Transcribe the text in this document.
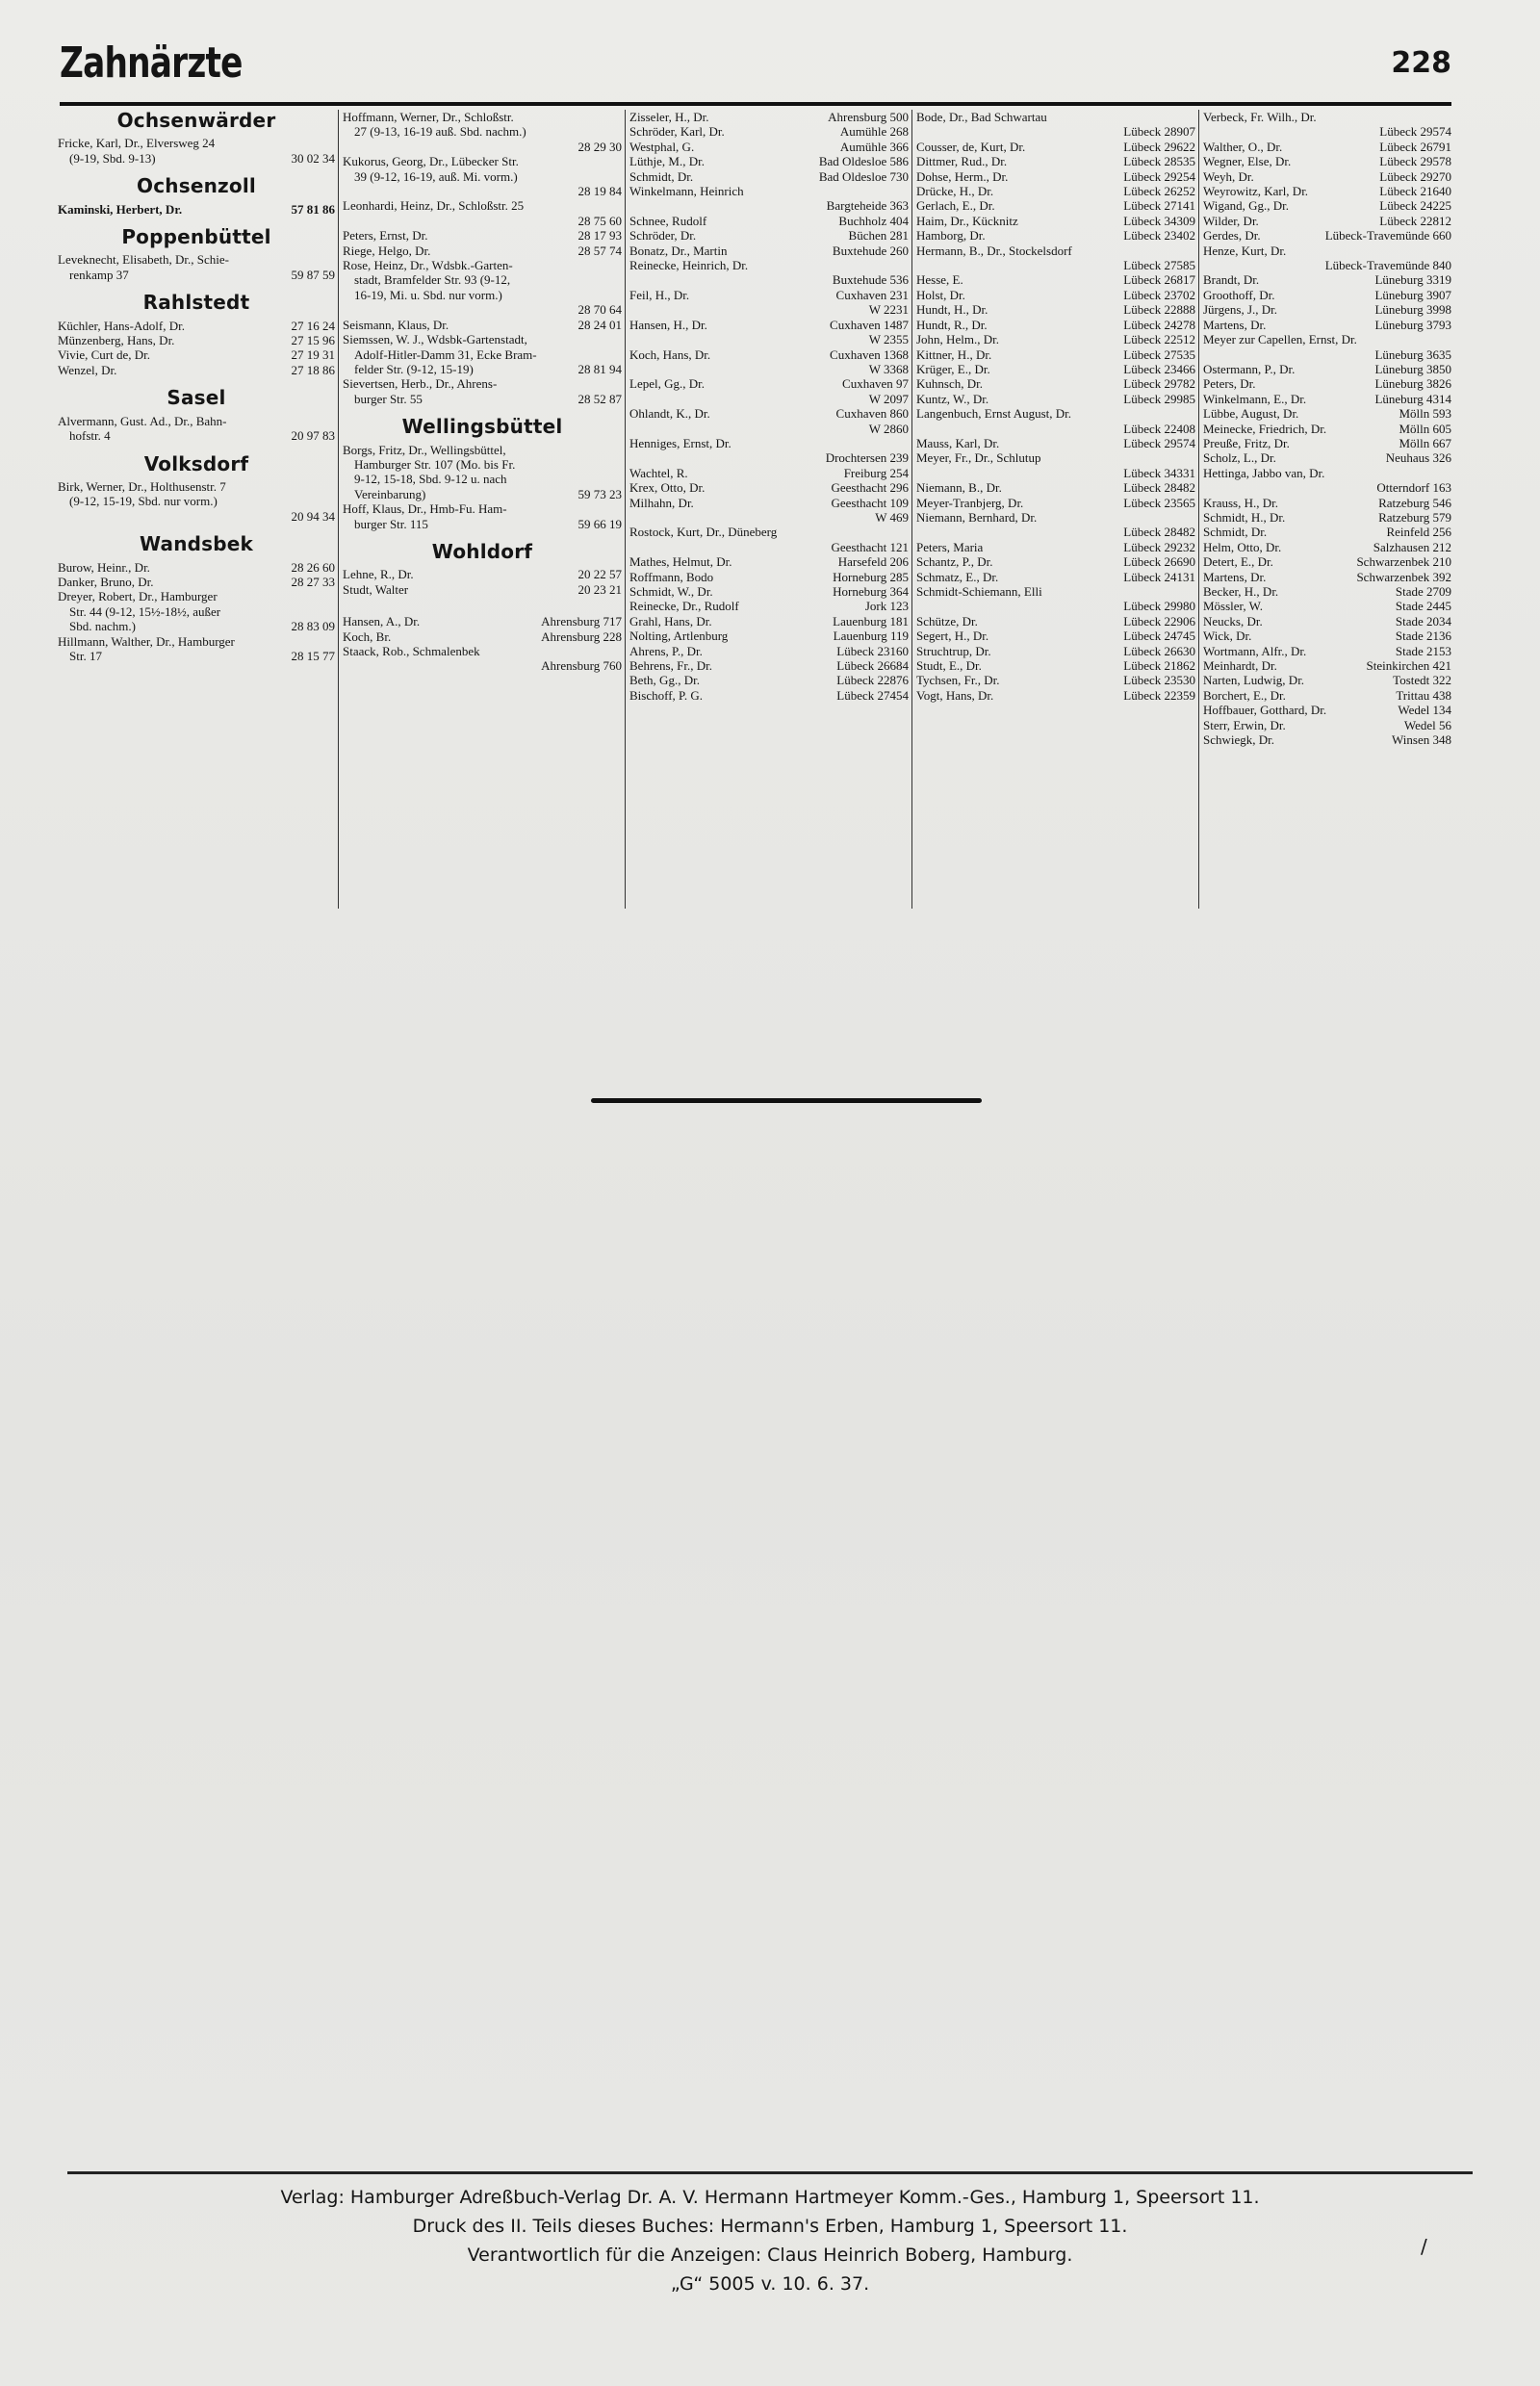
Zahnärzte	228
Ochsenwärder
Fricke, Karl, Dr., Elversweg 24
30 02 34
(9-19, Sbd. 9-13)
Ochsenzoll
57 81 86
Kaminski, Herbert, Dr.
Poppenbüttel
Leveknecht, Elisabeth, Dr., Schie-
59 87 59
renkamp 37
Rahlstedt
27 16 24
Küchler, Hans-Adolf, Dr.
27 15 96
Münzenberg, Hans, Dr.
27 19 31
Vivie, Curt de, Dr.
27 18 86
Wenzel, Dr.
Sasel
Alvermann, Gust. Ad., Dr., Bahn-
20 97 83
hofstr. 4
Volksdorf
Birk, Werner, Dr., Holthusenstr. 7
(9-12, 15-19, Sbd. nur vorm.)
20 94 34
Wandsbek
28 26 60
Burow, Heinr., Dr.
28 27 33
Danker, Bruno, Dr.
Dreyer, Robert, Dr., Hamburger
Str. 44 (9-12, 15½-18½, außer
28 83 09
Sbd. nachm.)
Hillmann, Walther, Dr., Hamburger
28 15 77
Str. 17
Hoffmann, Werner, Dr., Schloßstr.
27 (9-13, 16-19 auß. Sbd. nachm.)
28 29 30
Kukorus, Georg, Dr., Lübecker Str.
39 (9-12, 16-19, auß. Mi. vorm.)
28 19 84
Leonhardi, Heinz, Dr., Schloßstr. 25
28 75 60
28 17 93
Peters, Ernst, Dr.
28 57 74
Riege, Helgo, Dr.
Rose, Heinz, Dr., Wdsbk.-Garten-
stadt, Bramfelder Str. 93 (9-12,
16-19, Mi. u. Sbd. nur vorm.)
28 70 64
28 24 01
Seismann, Klaus, Dr.
Siemssen, W. J., Wdsbk-Gartenstadt,
Adolf-Hitler-Damm 31, Ecke Bram-
28 81 94
felder Str. (9-12, 15-19)
Sievertsen, Herb., Dr., Ahrens-
28 52 87
burger Str. 55
Wellingsbüttel
Borgs, Fritz, Dr., Wellingsbüttel,
Hamburger Str. 107 (Mo. bis Fr.
9-12, 15-18, Sbd. 9-12 u. nach
59 73 23
Vereinbarung)
Hoff, Klaus, Dr., Hmb-Fu. Ham-
59 66 19
burger Str. 115
Wohldorf
20 22 57
Lehne, R., Dr.
20 23 21
Studt, Walter
Ahrensburg 717
Hansen, A., Dr.
Ahrensburg 228
Koch, Br.
Staack, Rob., Schmalenbek
Ahrensburg 760
Ahrensburg 500
Zisseler, H., Dr.
Aumühle 268
Schröder, Karl, Dr.
Aumühle 366
Westphal, G.
Bad Oldesloe 586
Lüthje, M., Dr.
Bad Oldesloe 730
Schmidt, Dr.
Winkelmann, Heinrich
Bargteheide 363
Buchholz 404
Schnee, Rudolf
Büchen 281
Schröder, Dr.
Buxtehude 260
Bonatz, Dr., Martin
Reinecke, Heinrich, Dr.
Buxtehude 536
Cuxhaven 231
Feil, H., Dr.
W 2231
Cuxhaven 1487
Hansen, H., Dr.
W 2355
Cuxhaven 1368
Koch, Hans, Dr.
W 3368
Cuxhaven 97
Lepel, Gg., Dr.
W 2097
Cuxhaven 860
Ohlandt, K., Dr.
W 2860
Henniges, Ernst, Dr.
Drochtersen 239
Freiburg 254
Wachtel, R.
Geesthacht 296
Krex, Otto, Dr.
Geesthacht 109
Milhahn, Dr.
W 469
Rostock, Kurt, Dr., Düneberg
Geesthacht 121
Harsefeld 206
Mathes, Helmut, Dr.
Horneburg 285
Roffmann, Bodo
Horneburg 364
Schmidt, W., Dr.
Jork 123
Reinecke, Dr., Rudolf
Lauenburg 181
Grahl, Hans, Dr.
Lauenburg 119
Nolting, Artlenburg
Lübeck 23160
Ahrens, P., Dr.
Lübeck 26684
Behrens, Fr., Dr.
Lübeck 22876
Beth, Gg., Dr.
Lübeck 27454
Bischoff, P. G.
Bode, Dr., Bad Schwartau
Lübeck 28907
Lübeck 29622
Cousser, de, Kurt, Dr.
Lübeck 28535
Dittmer, Rud., Dr.
Lübeck 29254
Dohse, Herm., Dr.
Lübeck 26252
Drücke, H., Dr.
Lübeck 27141
Gerlach, E., Dr.
Lübeck 34309
Haim, Dr., Kücknitz
Lübeck 23402
Hamborg, Dr.
Hermann, B., Dr., Stockelsdorf
Lübeck 27585
Lübeck 26817
Hesse, E.
Lübeck 23702
Holst, Dr.
Lübeck 22888
Hundt, H., Dr.
Lübeck 24278
Hundt, R., Dr.
Lübeck 22512
John, Helm., Dr.
Lübeck 27535
Kittner, H., Dr.
Lübeck 23466
Krüger, E., Dr.
Lübeck 29782
Kuhnsch, Dr.
Lübeck 29985
Kuntz, W., Dr.
Langenbuch, Ernst August, Dr.
Lübeck 22408
Lübeck 29574
Mauss, Karl, Dr.
Meyer, Fr., Dr., Schlutup
Lübeck 34331
Lübeck 28482
Niemann, B., Dr.
Lübeck 23565
Meyer-Tranbjerg, Dr.
Niemann, Bernhard, Dr.
Lübeck 28482
Lübeck 29232
Peters, Maria
Lübeck 26690
Schantz, P., Dr.
Lübeck 24131
Schmatz, E., Dr.
Schmidt-Schiemann, Elli
Lübeck 29980
Lübeck 22906
Schütze, Dr.
Lübeck 24745
Segert, H., Dr.
Lübeck 26630
Struchtrup, Dr.
Lübeck 21862
Studt, E., Dr.
Lübeck 23530
Tychsen, Fr., Dr.
Lübeck 22359
Vogt, Hans, Dr.
Verbeck, Fr. Wilh., Dr.
Lübeck 29574
Lübeck 26791
Walther, O., Dr.
Lübeck 29578
Wegner, Else, Dr.
Lübeck 29270
Weyh, Dr.
Lübeck 21640
Weyrowitz, Karl, Dr.
Lübeck 24225
Wigand, Gg., Dr.
Lübeck 22812
Wilder, Dr.
Lübeck-Travemünde 660
Gerdes, Dr.
Henze, Kurt, Dr.
Lübeck-Travemünde 840
Lüneburg 3319
Brandt, Dr.
Lüneburg 3907
Groothoff, Dr.
Lüneburg 3998
Jürgens, J., Dr.
Lüneburg 3793
Martens, Dr.
Meyer zur Capellen, Ernst, Dr.
Lüneburg 3635
Lüneburg 3850
Ostermann, P., Dr.
Lüneburg 3826
Peters, Dr.
Lüneburg 4314
Winkelmann, E., Dr.
Mölln 593
Lübbe, August, Dr.
Mölln 605
Meinecke, Friedrich, Dr.
Mölln 667
Preuße, Fritz, Dr.
Neuhaus 326
Scholz, L., Dr.
Hettinga, Jabbo van, Dr.
Otterndorf 163
Ratzeburg 546
Krauss, H., Dr.
Ratzeburg 579
Schmidt, H., Dr.
Reinfeld 256
Schmidt, Dr.
Salzhausen 212
Helm, Otto, Dr.
Schwarzenbek 210
Detert, E., Dr.
Schwarzenbek 392
Martens, Dr.
Stade 2709
Becker, H., Dr.
Stade 2445
Mössler, W.
Stade 2034
Neucks, Dr.
Stade 2136
Wick, Dr.
Stade 2153
Wortmann, Alfr., Dr.
Steinkirchen 421
Meinhardt, Dr.
Tostedt 322
Narten, Ludwig, Dr.
Trittau 438
Borchert, E., Dr.
Wedel 134
Hoffbauer, Gotthard, Dr.
Wedel 56
Sterr, Erwin, Dr.
Winsen 348
Schwiegk, Dr.
Verlag: Hamburger Adreßbuch-Verlag Dr. A. V. Hermann Hartmeyer Komm.-Ges., Hamburg 1, Speersort 11.
Druck des II. Teils dieses Buches: Hermann's Erben, Hamburg 1, Speersort 11.
Verantwortlich für die Anzeigen: Claus Heinrich Boberg, Hamburg.
„G“ 5005 v. 10. 6. 37.
/
